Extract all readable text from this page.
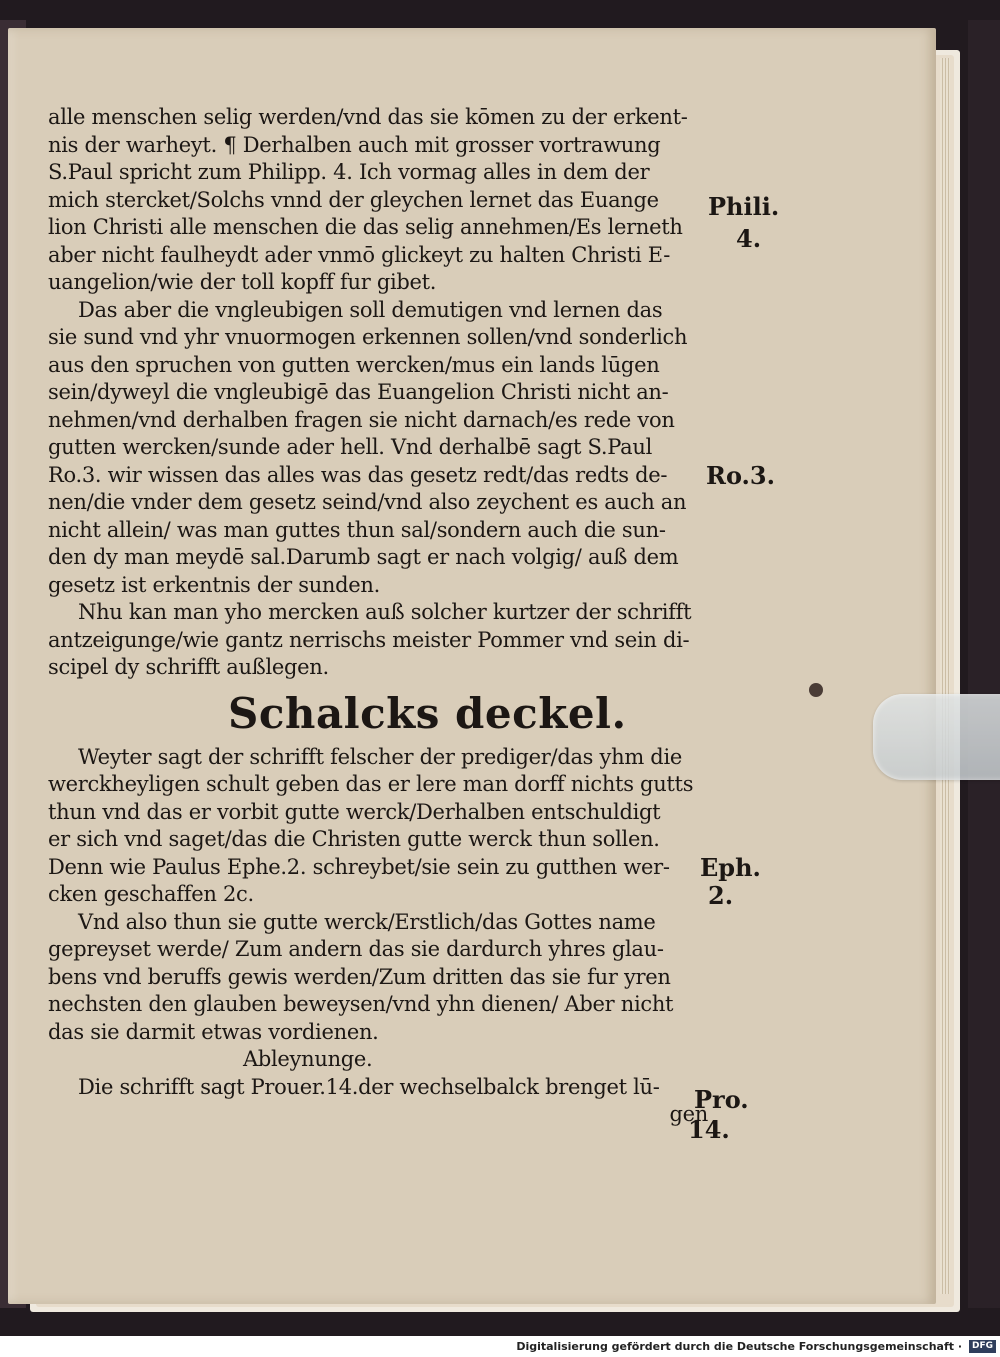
alle menschen selig werden/vnd das sie kōmen zu der erkent-
nis der warheyt. ¶ Derhalben auch mit grosser vortrawung
S.Paul spricht zum Philipp. 4. Ich vormag alles in dem der
mich stercket/Solchs vnnd der gleychen lernet das Euange
lion Christi alle menschen die das selig annehmen/Es lerneth
aber nicht faulheydt ader vnmō glickeyt zu halten Christi E-
uangelion/wie der toll kopff fur gibet.
Das aber die vngleubigen soll demutigen vnd lernen das
sie sund vnd yhr vnuormogen erkennen sollen/vnd sonderlich
aus den spruchen von gutten wercken/mus ein lands lūgen
sein/dyweyl die vngleubigē das Euangelion Christi nicht an-
nehmen/vnd derhalben fragen sie nicht darnach/es rede von
gutten wercken/sunde ader hell. Vnd derhalbē sagt S.Paul
Ro.3. wir wissen das alles was das gesetz redt/das redts de-
nen/die vnder dem gesetz seind/vnd also zeychent es auch an
nicht allein/ was man guttes thun sal/sondern auch die sun-
den dy man meydē sal.Darumb sagt er nach volgig/ auß dem
gesetz ist erkentnis der sunden.
Nhu kan man yho mercken auß solcher kurtzer der schrifft
antzeigunge/wie gantz nerrischs meister Pommer vnd sein di-
scipel dy schrifft außlegen.
Schalcks deckel.
Weyter sagt der schrifft felscher der prediger/das yhm die
werckheyligen schult geben das er lere man dorff nichts gutts
thun vnd das er vorbit gutte werck/Derhalben entschuldigt
er sich vnd saget/das die Christen gutte werck thun sollen.
Denn wie Paulus Ephe.2. schreybet/sie sein zu gutthen wer-
cken geschaffen 2c.
Vnd also thun sie gutte werck/Erstlich/das Gottes name
gepreyset werde/ Zum andern das sie dardurch yhres glau-
bens vnd beruffs gewis werden/Zum dritten das sie fur yren
nechsten den glauben beweysen/vnd yhn dienen/ Aber nicht
das sie darmit etwas vordienen.
Ableynunge.
Die schrifft sagt Prouer.14.der wechselbalck brenget lū-
gen
Phili.
4.
Ro.3.
Eph.
2.
Pro.
14.
Digitalisierung gefördert durch die Deutsche Forschungsgemeinschaft ·	DFG
